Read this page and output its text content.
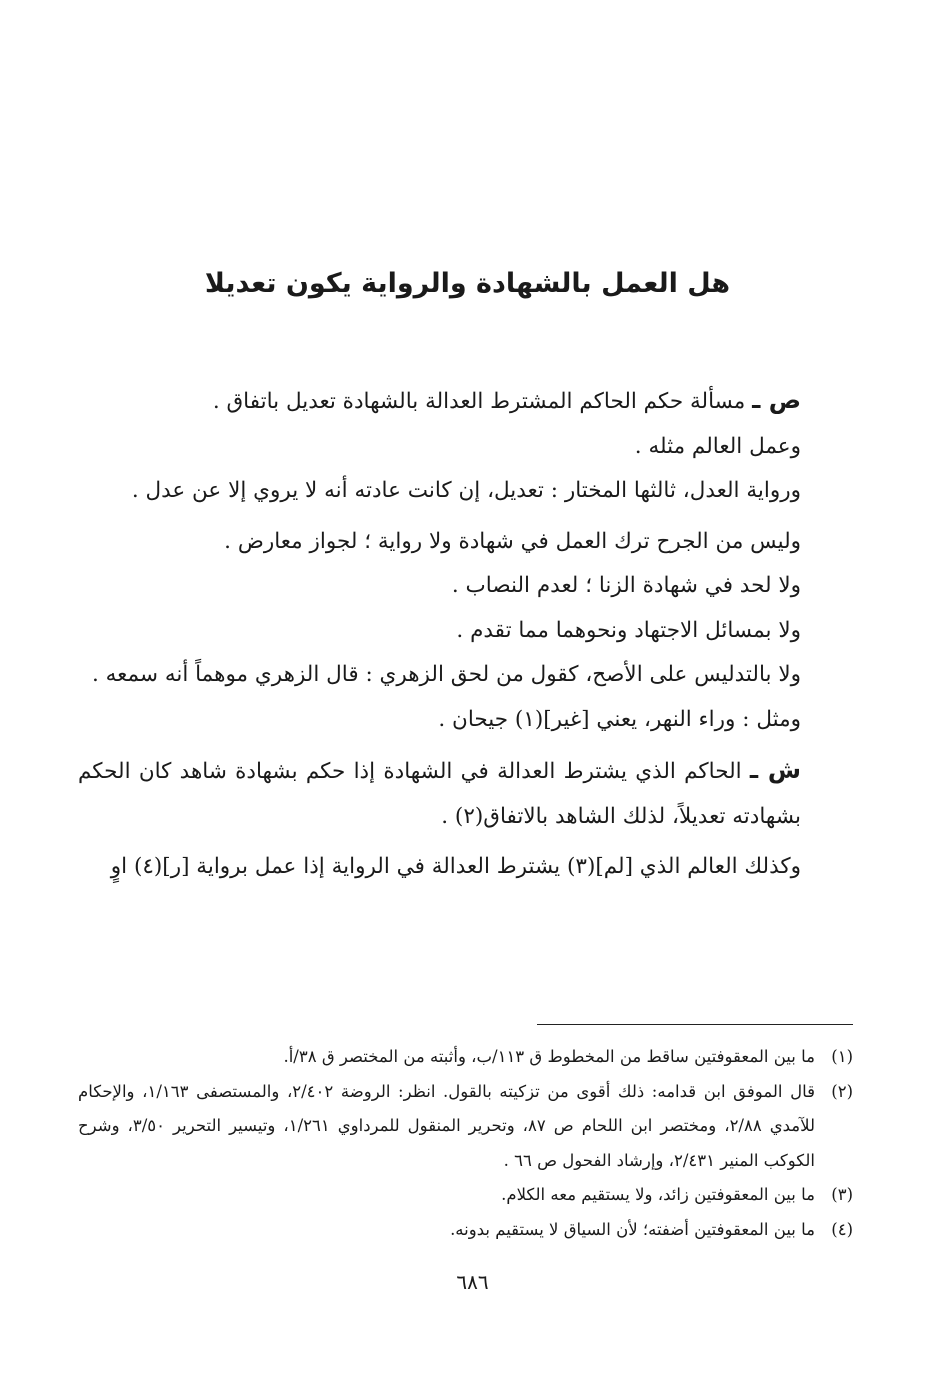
هل العمل بالشهادة والرواية يكون تعديلا

ص ـ مسألة حكم الحاكم المشترط العدالة بالشهادة تعديل باتفاق .

وعمل العالم مثله .

ورواية العدل، ثالثها المختار : تعديل، إن كانت عادته أنه لا يروي إلا عن عدل .

وليس من الجرح ترك العمل في شهادة ولا رواية ؛ لجواز معارض .

ولا لحد في شهادة الزنا ؛ لعدم النصاب .

ولا بمسائل الاجتهاد ونحوهما مما تقدم .

ولا بالتدليس على الأصح، كقول من لحق الزهري : قال الزهري موهماً أنه سمعه .

ومثل : وراء النهر، يعني [غير](١) جيحان .

ش ـ الحاكم الذي يشترط العدالة في الشهادة إذا حكم بشهادة شاهد كان الحكم بشهادته تعديلاً، لذلك الشاهد بالاتفاق(٢) .

وكذلك العالم الذي [لم](٣) يشترط العدالة في الرواية إذا عمل برواية [ر](٤) اوٍ

(١)
ما بين المعقوفتين ساقط من المخطوط ق ١١٣/ب، وأثبته من المختصر ق ٣٨/أ.
(٢)
قال الموفق ابن قدامه: ذلك أقوى من تزكيته بالقول. انظر: الروضة ٢/٤٠٢، والمستصفى ١/١٦٣، والإحكام للآمدي ٢/٨٨، ومختصر ابن اللحام ص ٨٧، وتحرير المنقول للمرداوي ١/٢٦١، وتيسير التحرير ٣/٥٠، وشرح الكوكب المنير ٢/٤٣١، وإرشاد الفحول ص ٦٦ .
(٣)
ما بين المعقوفتين زائد، ولا يستقيم معه الكلام.
(٤)
ما بين المعقوفتين أضفته؛ لأن السياق لا يستقيم بدونه.
٦٨٦
